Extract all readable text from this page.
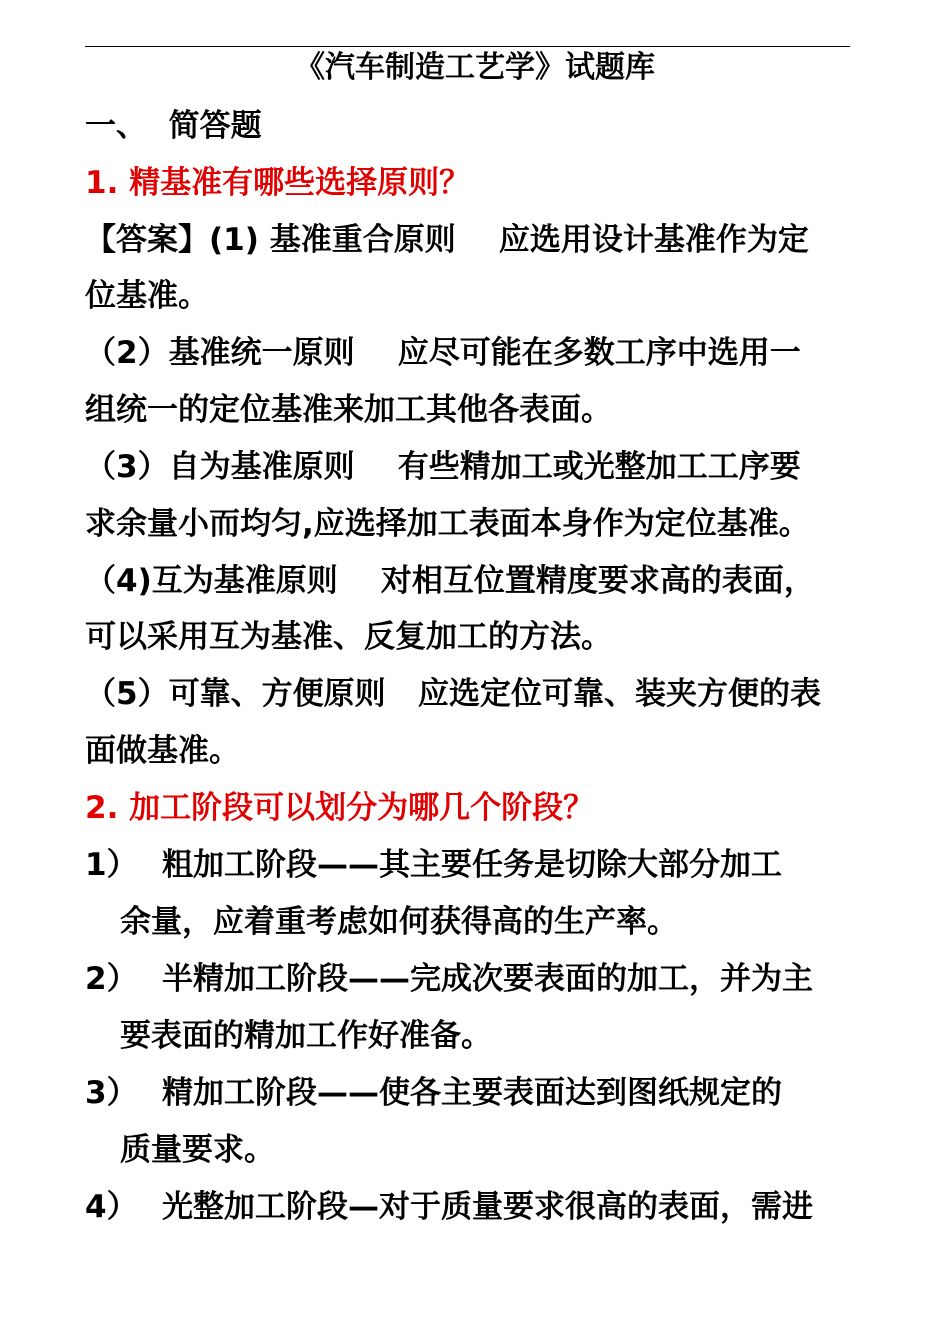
《汽车制造工艺学》试题库
一、  简答题
1. 精基准有哪些选择原则？
【答案】(1) 基准重合原则    应选用设计基准作为定
位基准。
（2）基准统一原则    应尽可能在多数工序中选用一
组统一的定位基准来加工其他各表面。
（3）自为基准原则    有些精加工或光整加工工序要
求余量小而均匀,应选择加工表面本身作为定位基准。
（4)互为基准原则    对相互位置精度要求高的表面，
可以采用互为基准、反复加工的方法。
（5）可靠、方便原则   应选定位可靠、装夹方便的表
面做基准。
2. 加工阶段可以划分为哪几个阶段？
1） 粗加工阶段——其主要任务是切除大部分加工
余量，应着重考虑如何获得高的生产率。
2） 半精加工阶段——完成次要表面的加工，并为主
要表面的精加工作好准备。
3） 精加工阶段——使各主要表面达到图纸规定的
质量要求。
4） 光整加工阶段—对于质量要求很高的表面，需进
